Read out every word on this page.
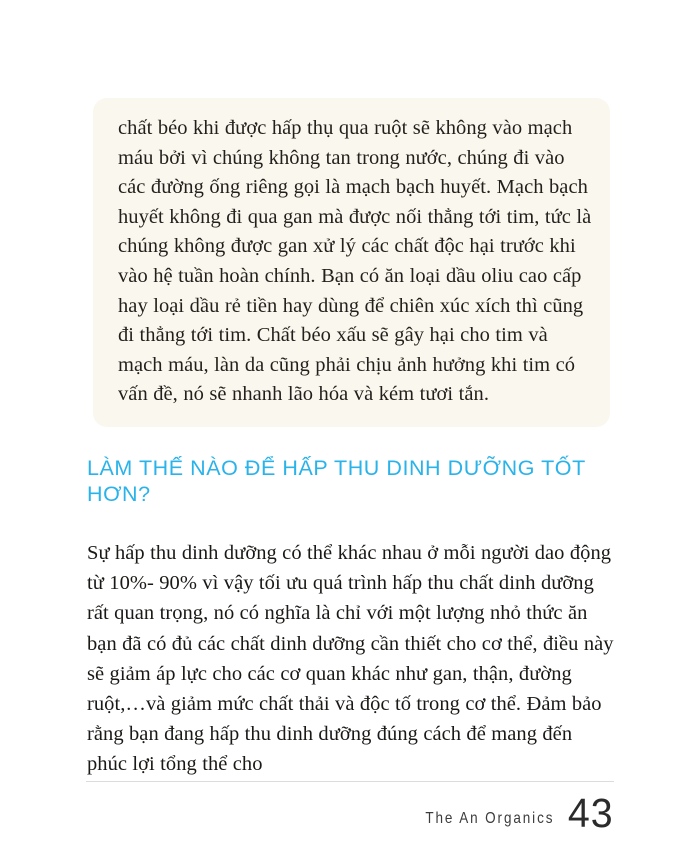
chất béo khi được hấp thụ qua ruột sẽ không vào mạch máu bởi vì chúng không tan trong nước, chúng đi vào các đường ống riêng gọi là mạch bạch huyết. Mạch bạch huyết không đi qua gan mà được nối thẳng tới tim, tức là chúng không được gan xử lý các chất độc hại trước khi vào hệ tuần hoàn chính. Bạn có ăn loại dầu oliu cao cấp hay loại dầu rẻ tiền hay dùng để chiên xúc xích thì cũng đi thẳng tới tim. Chất béo xấu sẽ gây hại cho tim và mạch máu, làn da cũng phải chịu ảnh hưởng khi tim có vấn đề, nó sẽ nhanh lão hóa và kém tươi tắn.

LÀM THẾ NÀO ĐỂ HẤP THU DINH DƯỠNG TỐT HƠN?

Sự hấp thu dinh dưỡng có thể khác nhau ở mỗi người dao động từ 10%- 90% vì vậy tối ưu quá trình hấp thu chất dinh dưỡng rất quan trọng, nó có nghĩa là chỉ với một lượng nhỏ thức ăn bạn đã có đủ các chất dinh dưỡng cần thiết cho cơ thể, điều này sẽ giảm áp lực cho các cơ quan khác như gan, thận, đường ruột,…và giảm mức chất thải và độc tố trong cơ thể. Đảm bảo rằng bạn đang hấp thu dinh dưỡng đúng cách để mang đến phúc lợi tổng thể cho

The An Organics 43
